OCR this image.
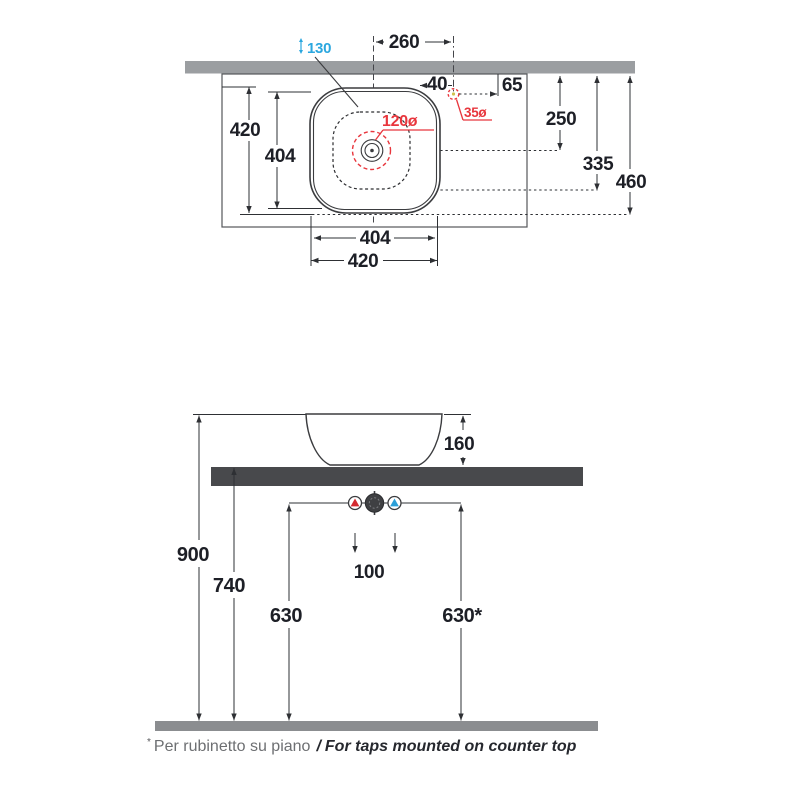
260
130
40	65
420
404
250
335
460
404
420
120ø
35ø
160
900
740
630	630*
100
* Per rubinetto su piano / For taps mounted on counter top
